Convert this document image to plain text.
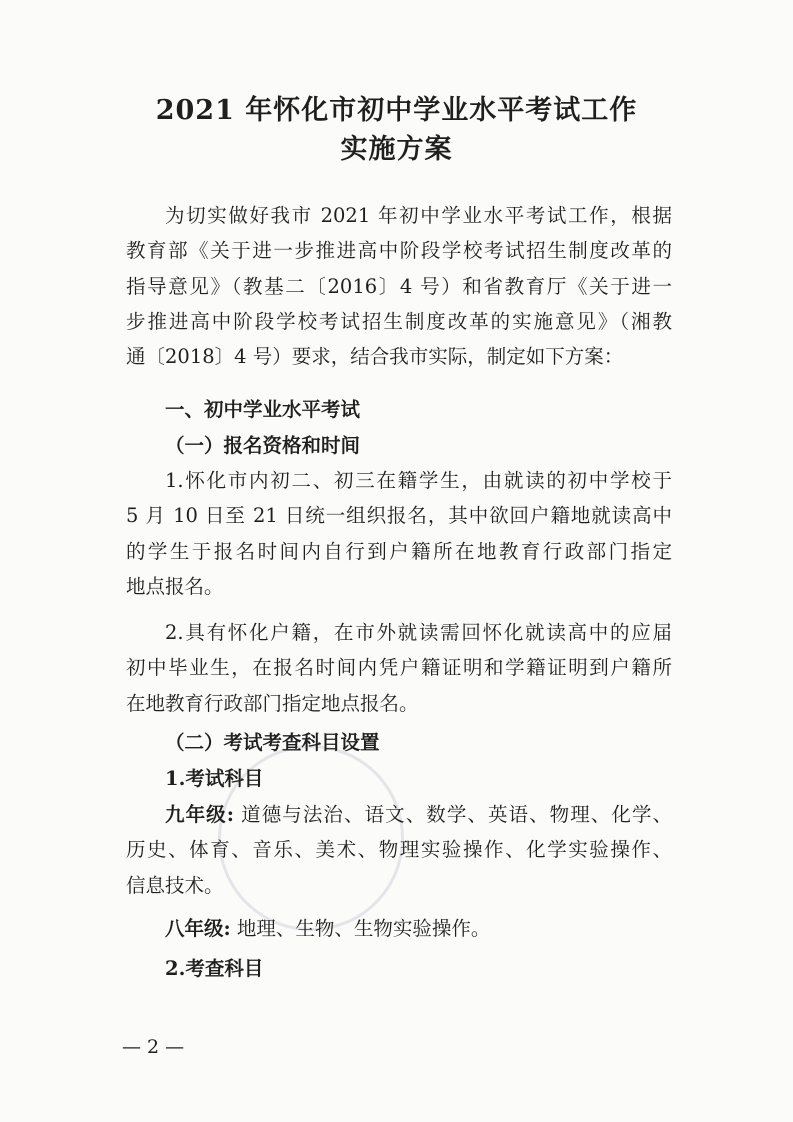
2021 年怀化市初中学业水平考试工作
实施方案
为切实做好我市 2021 年初中学业水平考试工作，根据
教育部《关于进一步推进高中阶段学校考试招生制度改革的
指导意见》（教基二〔2016〕4 号）和省教育厅《关于进一
步推进高中阶段学校考试招生制度改革的实施意见》（湘教
通〔2018〕4 号）要求，结合我市实际，制定如下方案：
一、初中学业水平考试
（一）报名资格和时间
1.怀化市内初二、初三在籍学生，由就读的初中学校于
5 月 10 日至 21 日统一组织报名，其中欲回户籍地就读高中
的学生于报名时间内自行到户籍所在地教育行政部门指定
地点报名。
2.具有怀化户籍，在市外就读需回怀化就读高中的应届
初中毕业生，在报名时间内凭户籍证明和学籍证明到户籍所
在地教育行政部门指定地点报名。
（二）考试考查科目设置
1.考试科目
九年级: 道德与法治、语文、数学、英语、物理、化学、
历史、体育、音乐、美术、物理实验操作、化学实验操作、
信息技术。
八年级: 地理、生物、生物实验操作。
2.考查科目
— 2 —
